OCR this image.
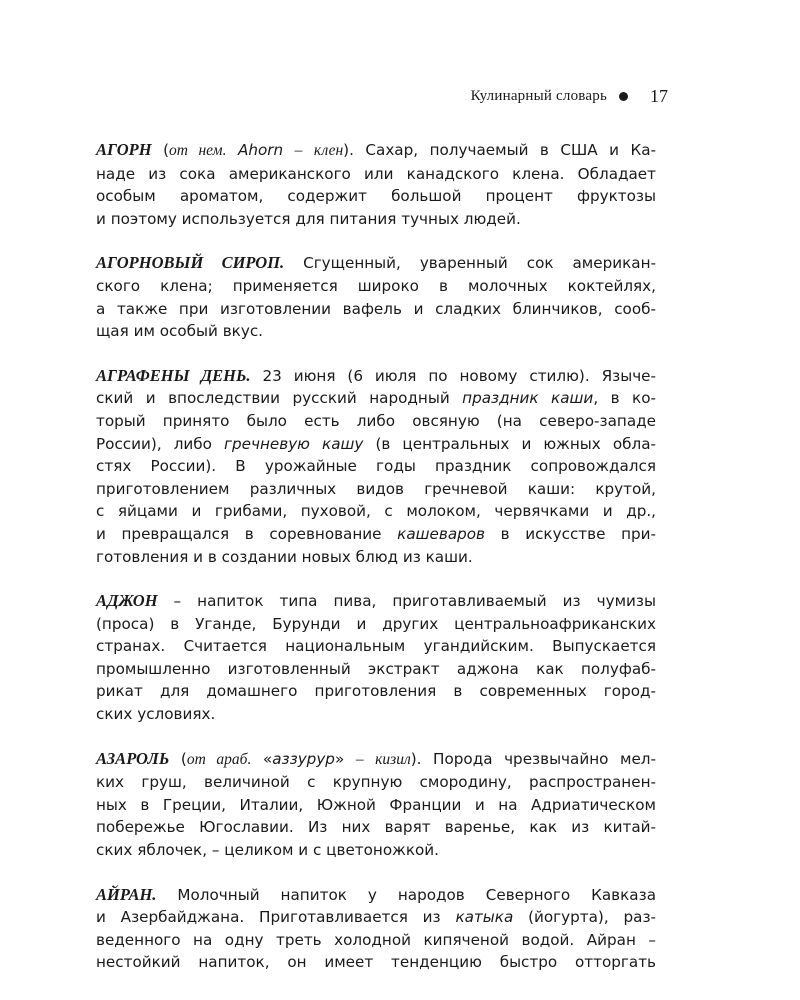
Кулинарный словарь 17
АГОРН (от нем. Ahorn – клен). Сахар, получаемый в США и Ка-
наде из сока американского или канадского клена. Обладает
особым ароматом, содержит большой процент фруктозы
и поэтому используется для питания тучных людей.
АГОРНОВЫЙ СИРОП. Сгущенный, уваренный сок американ-
ского клена; применяется широко в молочных коктейлях,
а также при изготовлении вафель и сладких блинчиков, сооб-
щая им особый вкус.
АГРАФЕНЫ ДЕНЬ. 23 июня (6 июля по новому стилю). Языче-
ский и впоследствии русский народный праздник каши, в ко-
торый принято было есть либо овсяную (на северо-западе
России), либо гречневую кашу (в центральных и южных обла-
стях России). В урожайные годы праздник сопровождался
приготовлением различных видов гречневой каши: крутой,
с яйцами и грибами, пуховой, с молоком, червячками и др.,
и превращался в соревнование кашеваров в искусстве при-
готовления и в создании новых блюд из каши.
АДЖОН – напиток типа пива, приготавливаемый из чумизы
(проса) в Уганде, Бурунди и других центральноафриканских
странах. Считается национальным угандийским. Выпускается
промышленно изготовленный экстракт аджона как полуфаб-
рикат для домашнего приготовления в современных город-
ских условиях.
АЗАРОЛЬ (от араб. «аззурур» – кизил). Порода чрезвычайно мел-
ких груш, величиной с крупную смородину, распространен-
ных в Греции, Италии, Южной Франции и на Адриатическом
побережье Югославии. Из них варят варенье, как из китай-
ских яблочек, – целиком и с цветоножкой.
АЙРАН. Молочный напиток у народов Северного Кавказа
и Азербайджана. Приготавливается из катыка (йогурта), раз-
веденного на одну треть холодной кипяченой водой. Айран –
нестойкий напиток, он имеет тенденцию быстро отторгать
